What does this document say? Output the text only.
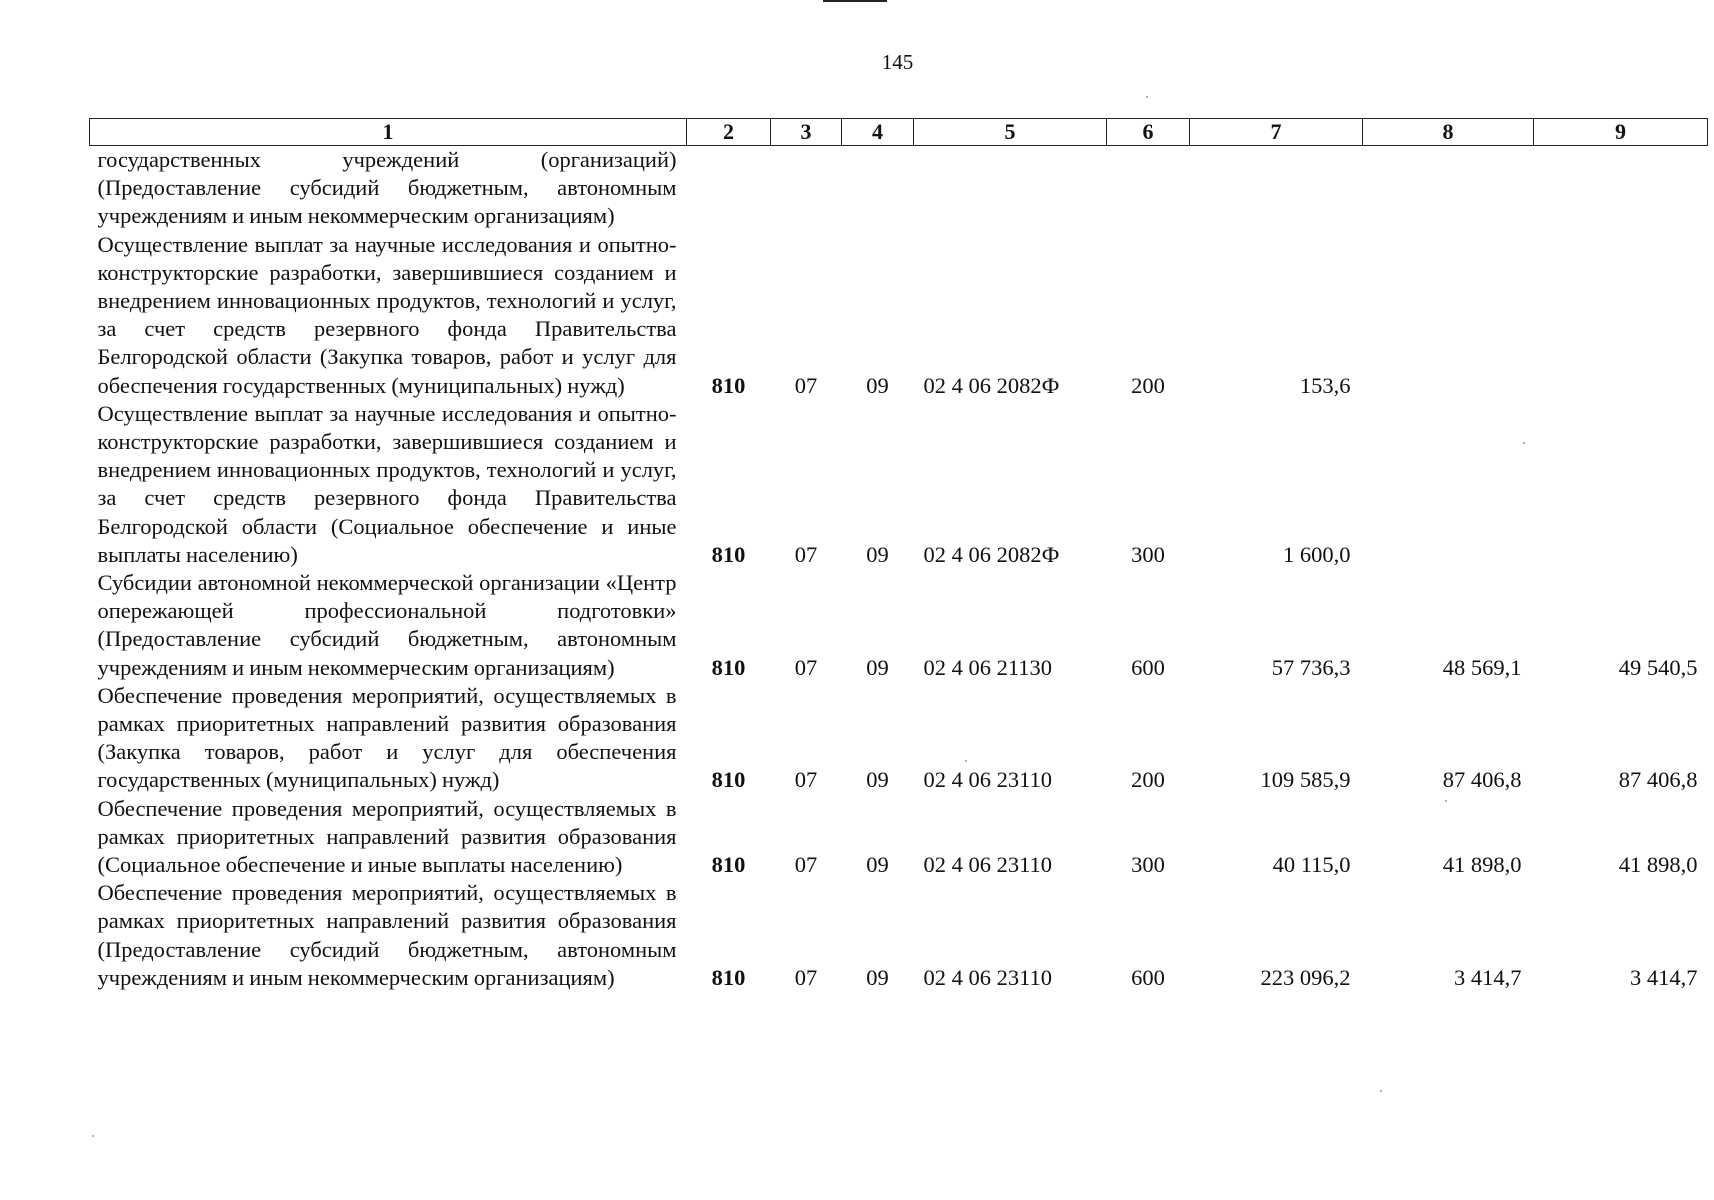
145
1	2	3	4	5	6	7	8	9
государственных учреждений (организаций) (Предоставление субсидий бюджетным, автономным учреждениям и иным некоммерческим организациям)								
Осуществление выплат за научные исследования и опытно-конструкторские разработки, завершившиеся созданием и внедрением инновационных продуктов, технологий и услуг, за счет средств резервного фонда Правительства Белгородской области (Закупка товаров, работ и услуг для обеспечения государственных (муниципальных) нужд)	810	07	09	02 4 06 2082Ф	200	153,6		
Осуществление выплат за научные исследования и опытно-конструкторские разработки, завершившиеся созданием и внедрением инновационных продуктов, технологий и услуг, за счет средств резервного фонда Правительства Белгородской области (Социальное обеспечение и иные выплаты населению)	810	07	09	02 4 06 2082Ф	300	1 600,0		
Субсидии автономной некоммерческой организации «Центр опережающей профессиональной подготовки» (Предоставление субсидий бюджетным, автономным учреждениям и иным некоммерческим организациям)	810	07	09	02 4 06 21130	600	57 736,3	48 569,1	49 540,5
Обеспечение проведения мероприятий, осуществляемых в рамках приоритетных направлений развития образования (Закупка товаров, работ и услуг для обеспечения государственных (муниципальных) нужд)	810	07	09	02 4 06 23110	200	109 585,9	87 406,8	87 406,8
Обеспечение проведения мероприятий, осуществляемых в рамках приоритетных направлений развития образования (Социальное обеспечение и иные выплаты населению)	810	07	09	02 4 06 23110	300	40 115,0	41 898,0	41 898,0
Обеспечение проведения мероприятий, осуществляемых в рамках приоритетных направлений развития образования (Предоставление субсидий бюджетным, автономным учреждениям и иным некоммерческим организациям)	810	07	09	02 4 06 23110	600	223 096,2	3 414,7	3 414,7
